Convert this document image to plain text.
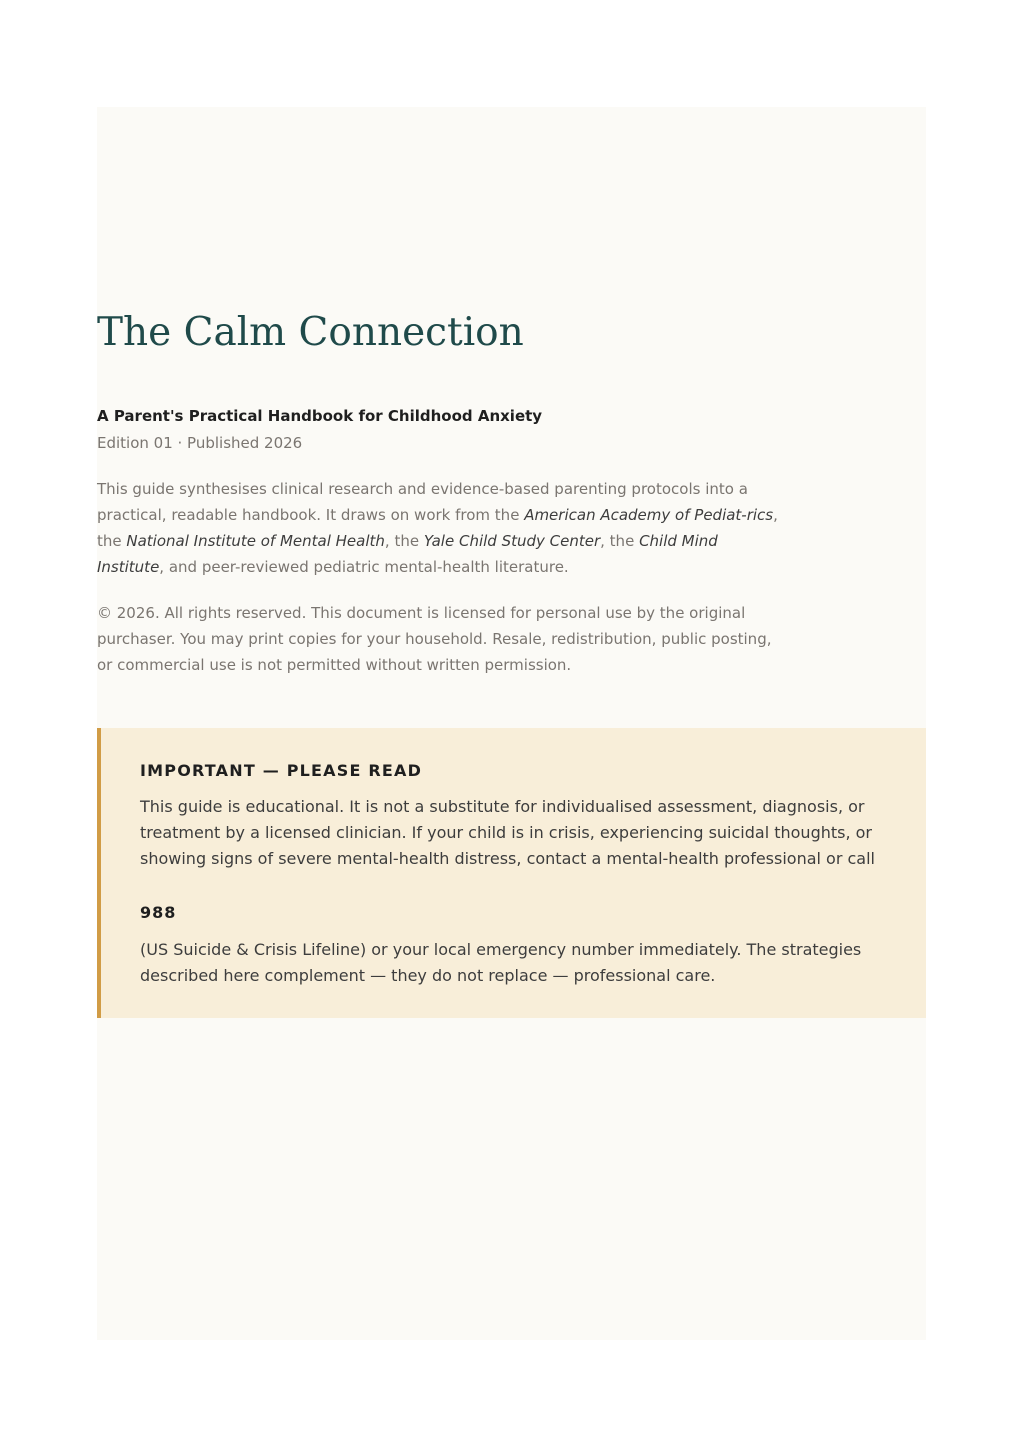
The Calm Connection

A Parent's Practical Handbook for Childhood Anxiety

Edition 01 · Published 2026

This guide synthesises clinical research and evidence-based parenting protocols into a practical, readable handbook. It draws on work from the American Academy of Pediat-rics, the National Institute of Mental Health, the Yale Child Study Center, the Child Mind Institute, and peer-reviewed pediatric mental-health literature.

© 2026. All rights reserved. This document is licensed for personal use by the original purchaser. You may print copies for your household. Resale, redistribution, public posting, or commercial use is not permitted without written permission.

IMPORTANT — PLEASE READ

This guide is educational. It is not a substitute for individualised assessment, diagnosis, or treatment by a licensed clinician. If your child is in crisis, experiencing suicidal thoughts, or showing signs of severe mental-health distress, contact a mental-health professional or call

988

(US Suicide & Crisis Lifeline) or your local emergency number immediately. The strategies described here complement — they do not replace — professional care.
